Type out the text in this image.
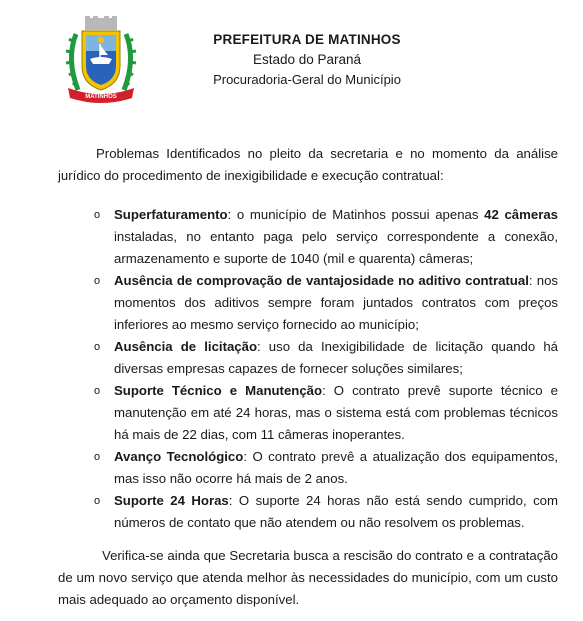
MATINHOS
PREFEITURA DE MATINHOS
Estado do Paraná
Procuradoria-Geral do Município

Problemas Identificados no pleito da secretaria e no momento da análise jurídico do procedimento de inexigibilidade e execução contratual:

o Superfaturamento: o município de Matinhos possui apenas 42 câmeras instaladas, no entanto paga pelo serviço correspondente a conexão, armazenamento e suporte de 1040 (mil e quarenta) câmeras;
o Ausência de comprovação de vantajosidade no aditivo contratual: nos momentos dos aditivos sempre foram juntados contratos com preços inferiores ao mesmo serviço fornecido ao município;
o Ausência de licitação: uso da Inexigibilidade de licitação quando há diversas empresas capazes de fornecer soluções similares;
o Suporte Técnico e Manutenção: O contrato prevê suporte técnico e manutenção em até 24 horas, mas o sistema está com problemas técnicos há mais de 22 dias, com 11 câmeras inoperantes.
o Avanço Tecnológico: O contrato prevê a atualização dos equipamentos, mas isso não ocorre há mais de 2 anos.
o Suporte 24 Horas: O suporte 24 horas não está sendo cumprido, com números de contato que não atendem ou não resolvem os problemas.

Verifica-se ainda que Secretaria busca a rescisão do contrato e a contratação de um novo serviço que atenda melhor às necessidades do município, com um custo mais adequado ao orçamento disponível.
